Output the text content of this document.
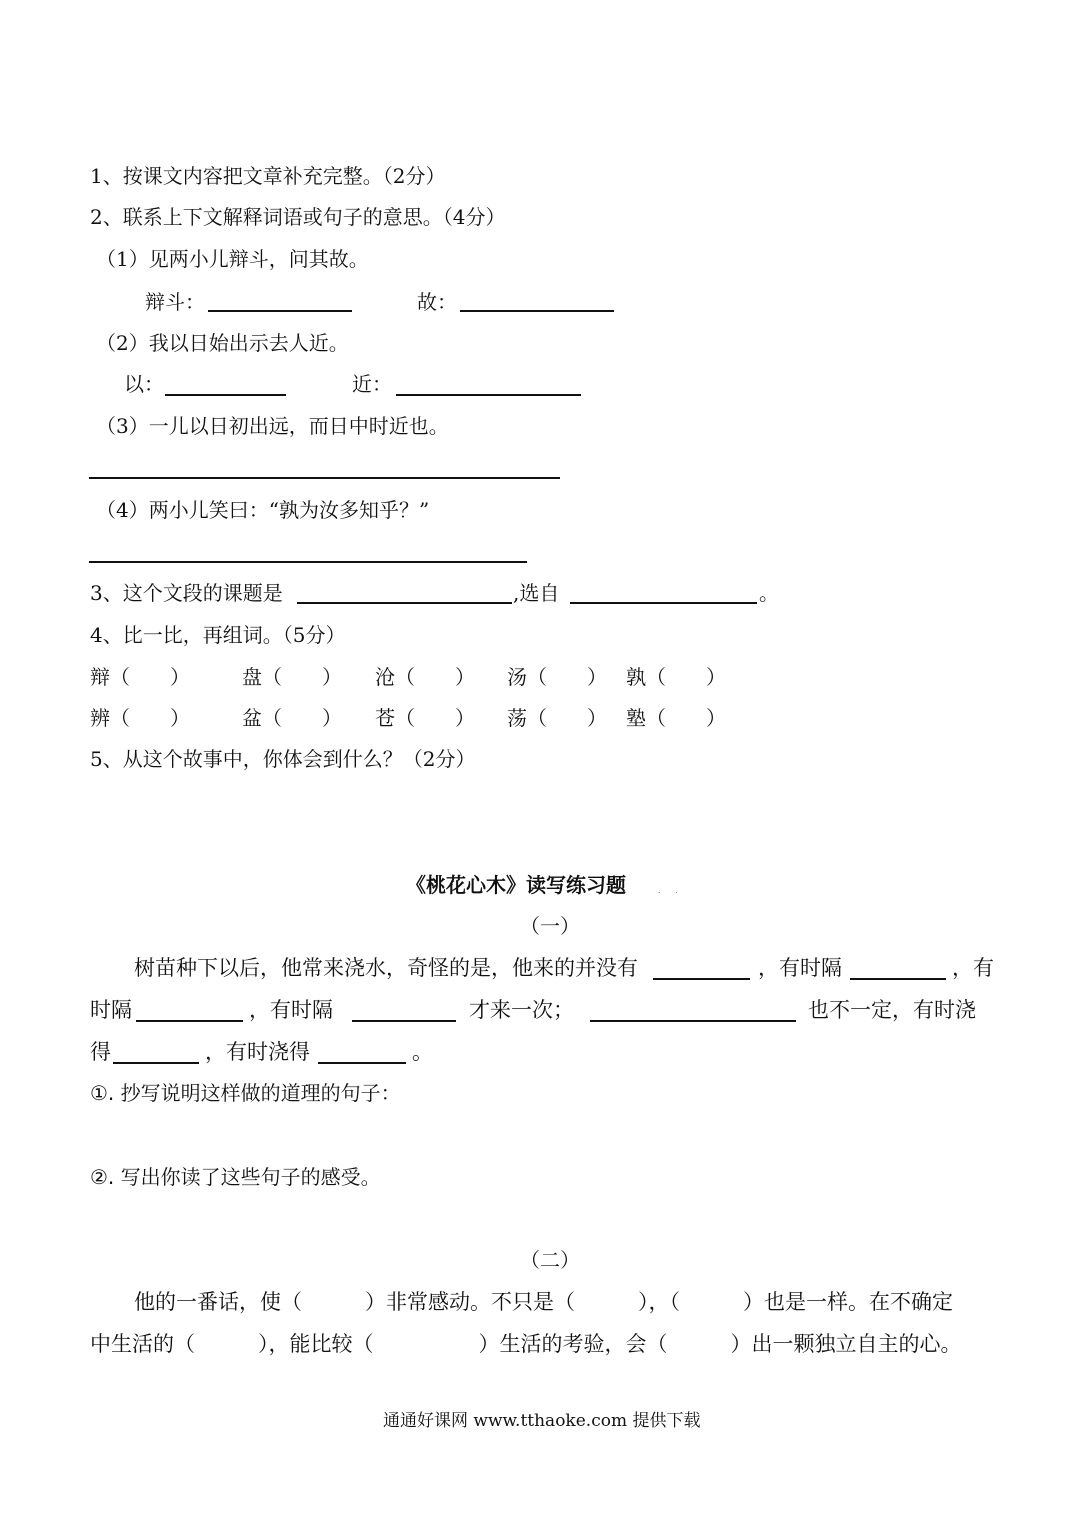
1、按课文内容把文章补充完整。（2分）
2、联系上下文解释词语或句子的意思。（4分）
（1）见两小儿辩斗，问其故。
辩斗：	故：
（2）我以日始出示去人近。
以：	近：
（3）一儿以日初出远，而日中时近也。
（4）两小儿笑曰：“孰为汝多知乎？”
3、这个文段的课题是	,选自	。
4、比一比，再组词。（5分）
辩（　　）	盘（　　） 沧（　　） 汤（　　） 孰（　　）
辨（　　）	盆（　　） 苍（　　） 荡（　　） 塾（　　）
5、从这个故事中，你体会到什么？（2分）
《桃花心木》读写练习题	. .
（一）
树苗种下以后，他常来浇水，奇怪的是，他来的并没有	，有时隔	，有
时隔	，有时隔	才来一次；	也不一定，有时浇
得	，有时浇得	。
①. 抄写说明这样做的道理的句子：
②. 写出你读了这些句子的感受。
（二）
他的一番话，使（　　　）非常感动。不只是（　　　），（　　　）也是一样。在不确定
中生活的（　　　），能比较（　　　　　）生活的考验，会（　　　）出一颗独立自主的心。
通通好课网 www.tthaoke.com 提供下载
